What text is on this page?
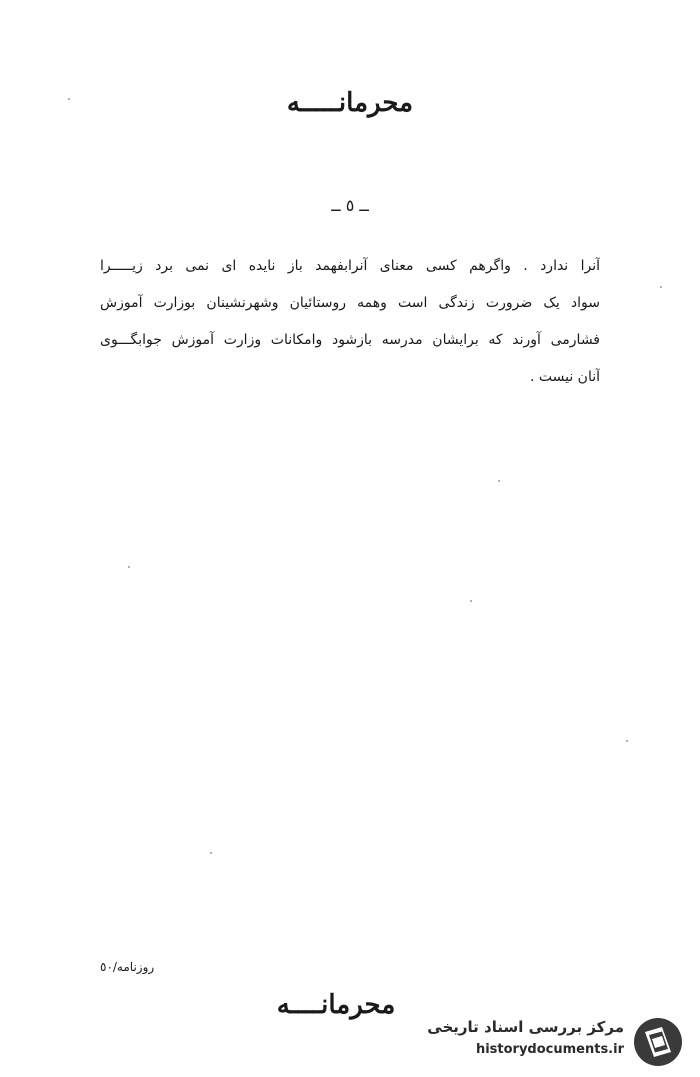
محرمانـــــه
ــ ٥ ــ
آنرا ندارد . واگرهم کسی معنای آنرابفهمد باز نایده ای نمی برد زیـــــرا
سواد یک ضرورت زندگی است وهمه روستائیان وشهرنشینان بوزارت آموزش
فشارمی آورند که برایشان مدرسه بازشود وامکانات وزارت آموزش جوابگـــوی
آنان نیست .
روزنامه/٥٠
محرمانــــه
مرکز بررسی اسناد تاریخی
historydocuments.ir
